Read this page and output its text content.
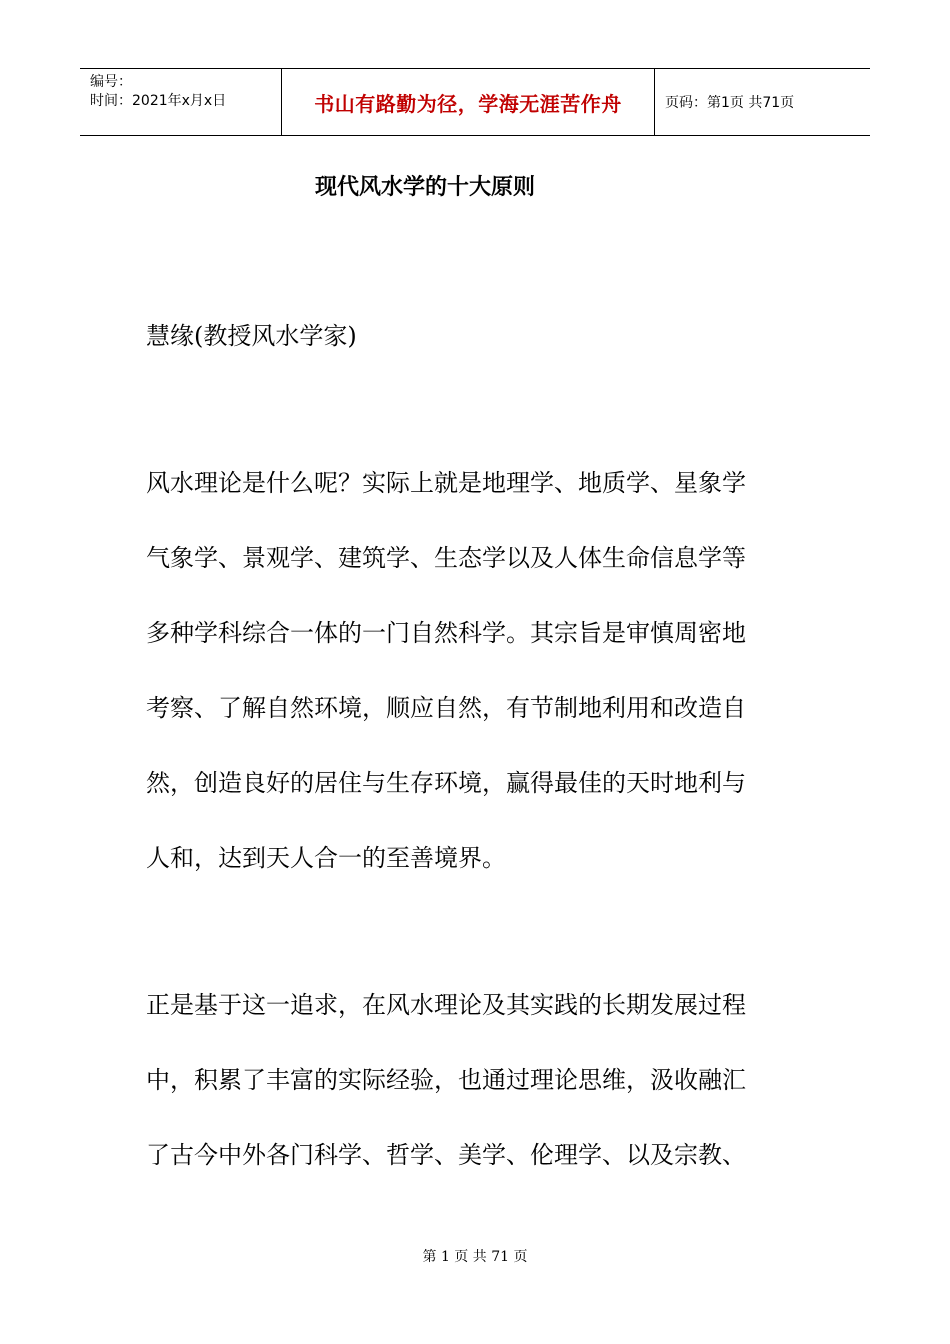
编号：
时间：2021年x月x日	书山有路勤为径，学海无涯苦作舟	页码：第1页 共71页
现代风水学的十大原则
慧缘(教授风水学家)
风水理论是什么呢？实际上就是地理学、地质学、星象学
气象学、景观学、建筑学、生态学以及人体生命信息学等
多种学科综合一体的一门自然科学。其宗旨是审慎周密地
考察、了解自然环境，顺应自然，有节制地利用和改造自
然，创造良好的居住与生存环境，赢得最佳的天时地利与
人和，达到天人合一的至善境界。
正是基于这一追求，在风水理论及其实践的长期发展过程
中，积累了丰富的实际经验，也通过理论思维，汲收融汇
了古今中外各门科学、哲学、美学、伦理学、以及宗教、
第 1 页 共 71 页
